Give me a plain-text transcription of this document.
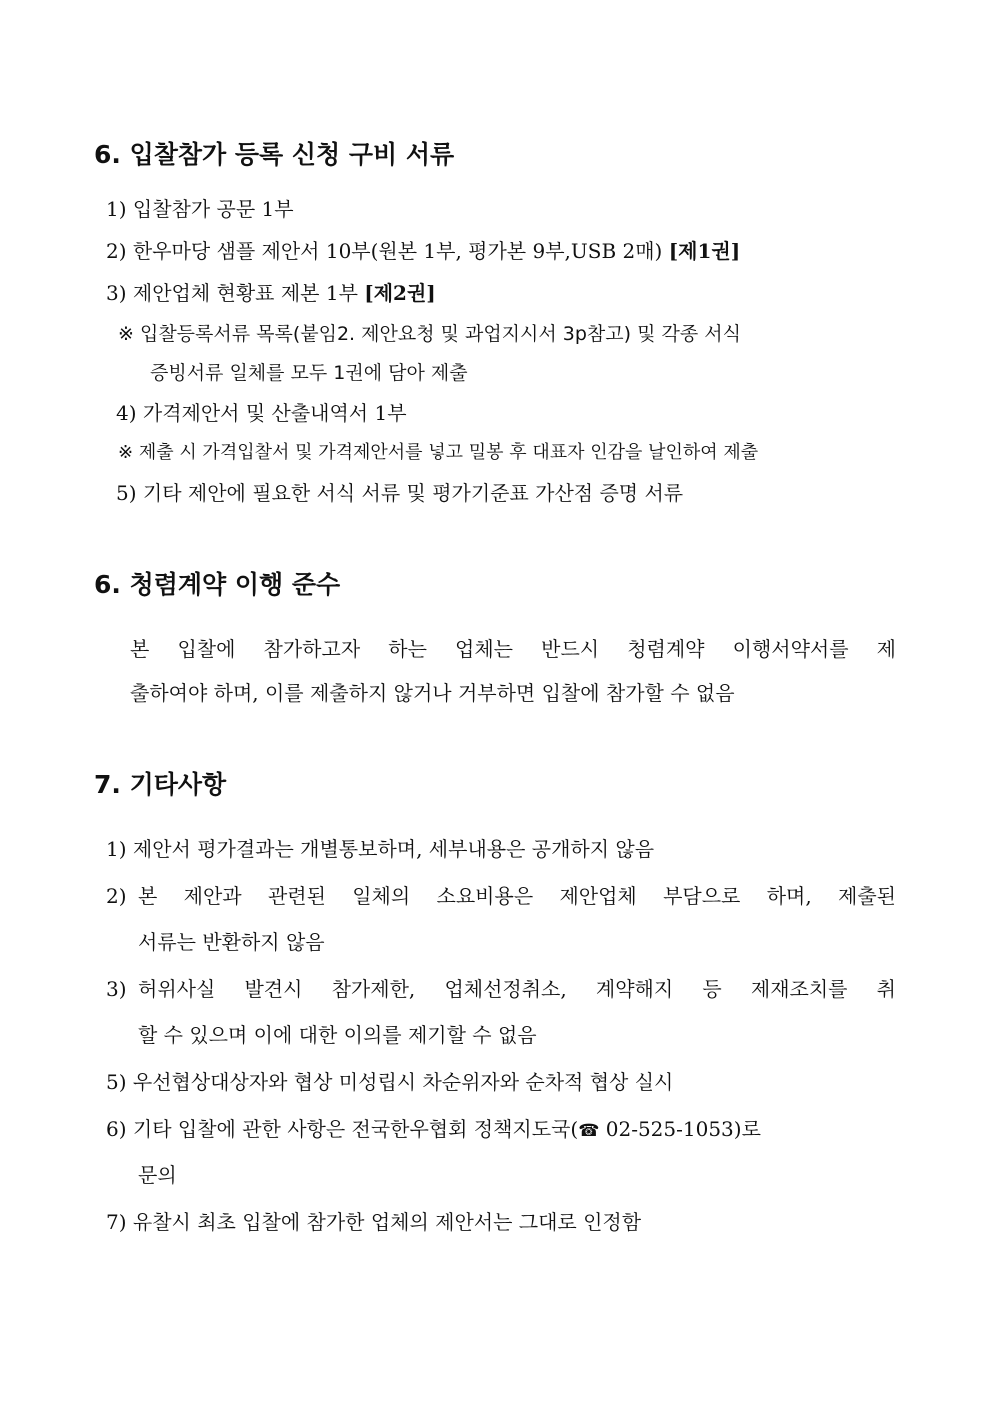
6. 입찰참가 등록 신청 구비 서류
1) 입찰참가 공문 1부
2) 한우마당 샘플 제안서 10부(원본 1부, 평가본 9부,USB 2매) [제1권]
3) 제안업체 현황표 제본 1부 [제2권]
※ 입찰등록서류 목록(붙임2. 제안요청 및 과업지시서 3p참고) 및 각종 서식
증빙서류 일체를 모두 1권에 담아 제출
4) 가격제안서 및 산출내역서 1부
※ 제출 시 가격입찰서 및 가격제안서를 넣고 밀봉 후 대표자 인감을 날인하여 제출
5) 기타 제안에 필요한 서식 서류 및 평가기준표 가산점 증명 서류
6. 청렴계약 이행 준수
본 입찰에 참가하고자 하는 업체는 반드시 청렴계약 이행서약서를 제
출하여야 하며, 이를 제출하지 않거나 거부하면 입찰에 참가할 수 없음
7. 기타사항
1) 제안서 평가결과는 개별통보하며, 세부내용은 공개하지 않음
2) 본 제안과 관련된 일체의 소요비용은 제안업체 부담으로 하며, 제출된
서류는 반환하지 않음
3) 허위사실 발견시 참가제한, 업체선정취소, 계약해지 등 제재조치를 취
할 수 있으며 이에 대한 이의를 제기할 수 없음
5) 우선협상대상자와 협상 미성립시 차순위자와 순차적 협상 실시
6) 기타 입찰에 관한 사항은 전국한우협회 정책지도국(☎ 02-525-1053)로
문의
7) 유찰시 최초 입찰에 참가한 업체의 제안서는 그대로 인정함
